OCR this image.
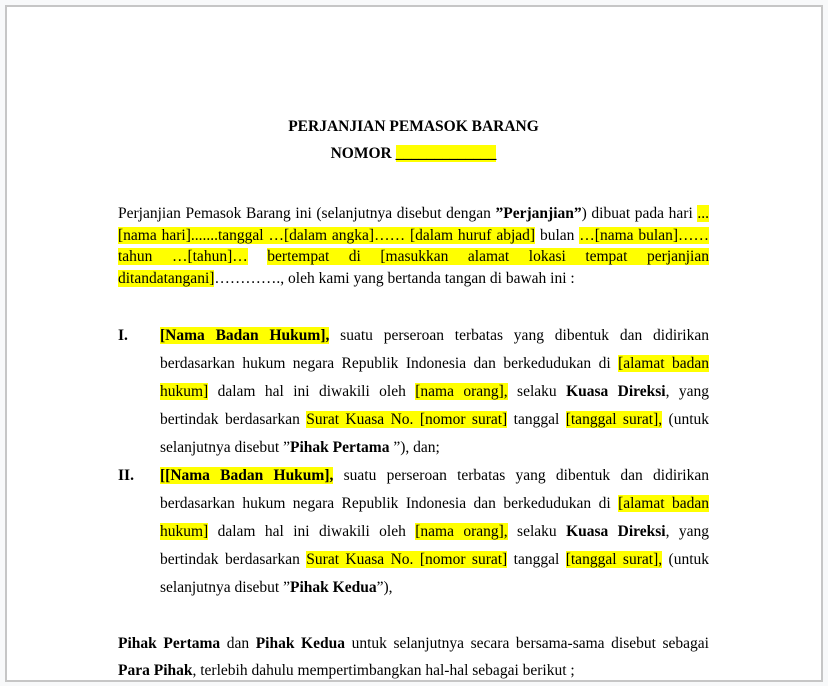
PERJANJIAN PEMASOK BARANG
NOMOR _____________

Perjanjian Pemasok Barang ini (selanjutnya disebut dengan ”Perjanjian”) dibuat pada hari ...[nama hari].......tanggal …[dalam angka]…… [dalam huruf abjad] bulan …[nama bulan]…… tahun …[tahun]… bertempat di [masukkan alamat lokasi tempat perjanjian ditandatangani]…………., oleh kami yang bertanda tangan di bawah ini :

I. [Nama Badan Hukum], suatu perseroan terbatas yang dibentuk dan didirikan berdasarkan hukum negara Republik Indonesia dan berkedudukan di [alamat badan hukum] dalam hal ini diwakili oleh [nama orang], selaku Kuasa Direksi, yang bertindak berdasarkan Surat Kuasa No. [nomor surat] tanggal [tanggal surat], (untuk selanjutnya disebut ”Pihak Pertama ”), dan;
II. [[Nama Badan Hukum], suatu perseroan terbatas yang dibentuk dan didirikan berdasarkan hukum negara Republik Indonesia dan berkedudukan di [alamat badan hukum] dalam hal ini diwakili oleh [nama orang], selaku Kuasa Direksi, yang bertindak berdasarkan Surat Kuasa No. [nomor surat] tanggal [tanggal surat], (untuk selanjutnya disebut ”Pihak Kedua”),

Pihak Pertama dan Pihak Kedua untuk selanjutnya secara bersama-sama disebut sebagai Para Pihak, terlebih dahulu mempertimbangkan hal-hal sebagai berikut ;
